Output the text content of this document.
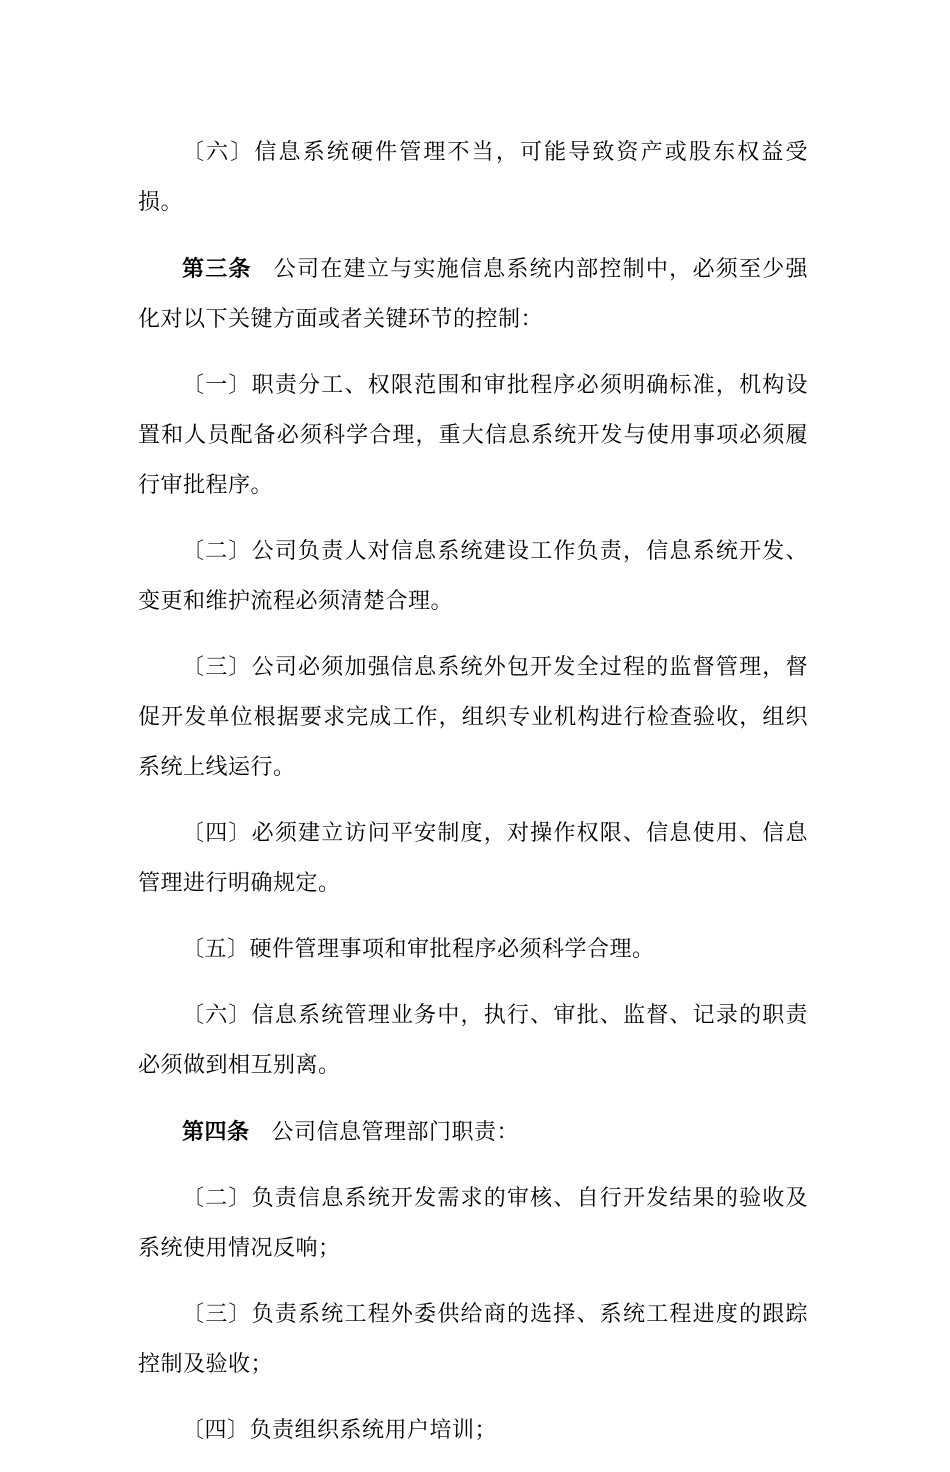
〔六〕信息系统硬件管理不当，可能导致资产或股东权益受损。

第三条 公司在建立与实施信息系统内部控制中，必须至少强化对以下关键方面或者关键环节的控制：

〔一〕职责分工、权限范围和审批程序必须明确标准，机构设置和人员配备必须科学合理，重大信息系统开发与使用事项必须履行审批程序。

〔二〕公司负责人对信息系统建设工作负责，信息系统开发、变更和维护流程必须清楚合理。

〔三〕公司必须加强信息系统外包开发全过程的监督管理，督促开发单位根据要求完成工作，组织专业机构进行检查验收，组织系统上线运行。

〔四〕必须建立访问平安制度，对操作权限、信息使用、信息管理进行明确规定。

〔五〕硬件管理事项和审批程序必须科学合理。

〔六〕信息系统管理业务中，执行、审批、监督、记录的职责必须做到相互别离。

第四条 公司信息管理部门职责：

〔二〕负责信息系统开发需求的审核、自行开发结果的验收及系统使用情况反响；

〔三〕负责系统工程外委供给商的选择、系统工程进度的跟踪控制及验收；

〔四〕负责组织系统用户培训；
